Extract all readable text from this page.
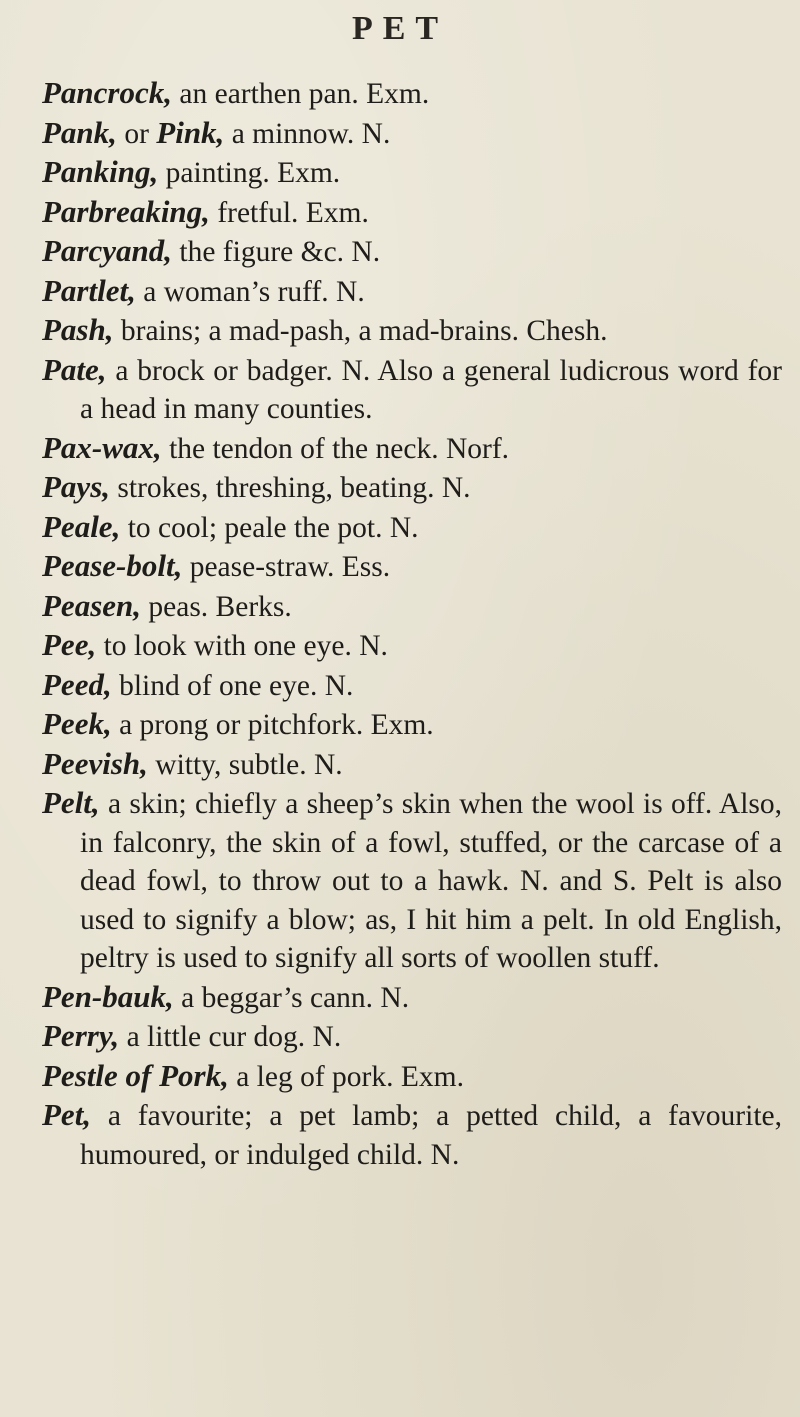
PET

Pancrock, an earthen pan. Exm.

Pank, or Pink, a minnow. N.

Panking, painting. Exm.

Parbreaking, fretful. Exm.

Parcyand, the figure &c. N.

Partlet, a woman’s ruff. N.

Pash, brains; a mad-pash, a mad-brains. Chesh.

Pate, a brock or badger. N. Also a general ludicrous word for a head in many counties.

Pax-wax, the tendon of the neck. Norf.

Pays, strokes, threshing, beating. N.

Peale, to cool; peale the pot. N.

Pease-bolt, pease-straw. Ess.

Peasen, peas. Berks.

Pee, to look with one eye. N.

Peed, blind of one eye. N.

Peek, a prong or pitchfork. Exm.

Peevish, witty, subtle. N.

Pelt, a skin; chiefly a sheep’s skin when the wool is off. Also, in falconry, the skin of a fowl, stuffed, or the carcase of a dead fowl, to throw out to a hawk. N. and S. Pelt is also used to signify a blow; as, I hit him a pelt. In old English, peltry is used to signify all sorts of woollen stuff.

Pen-bauk, a beggar’s cann. N.

Perry, a little cur dog. N.

Pestle of Pork, a leg of pork. Exm.

Pet, a favourite; a pet lamb; a petted child, a favourite, humoured, or indulged child. N.
